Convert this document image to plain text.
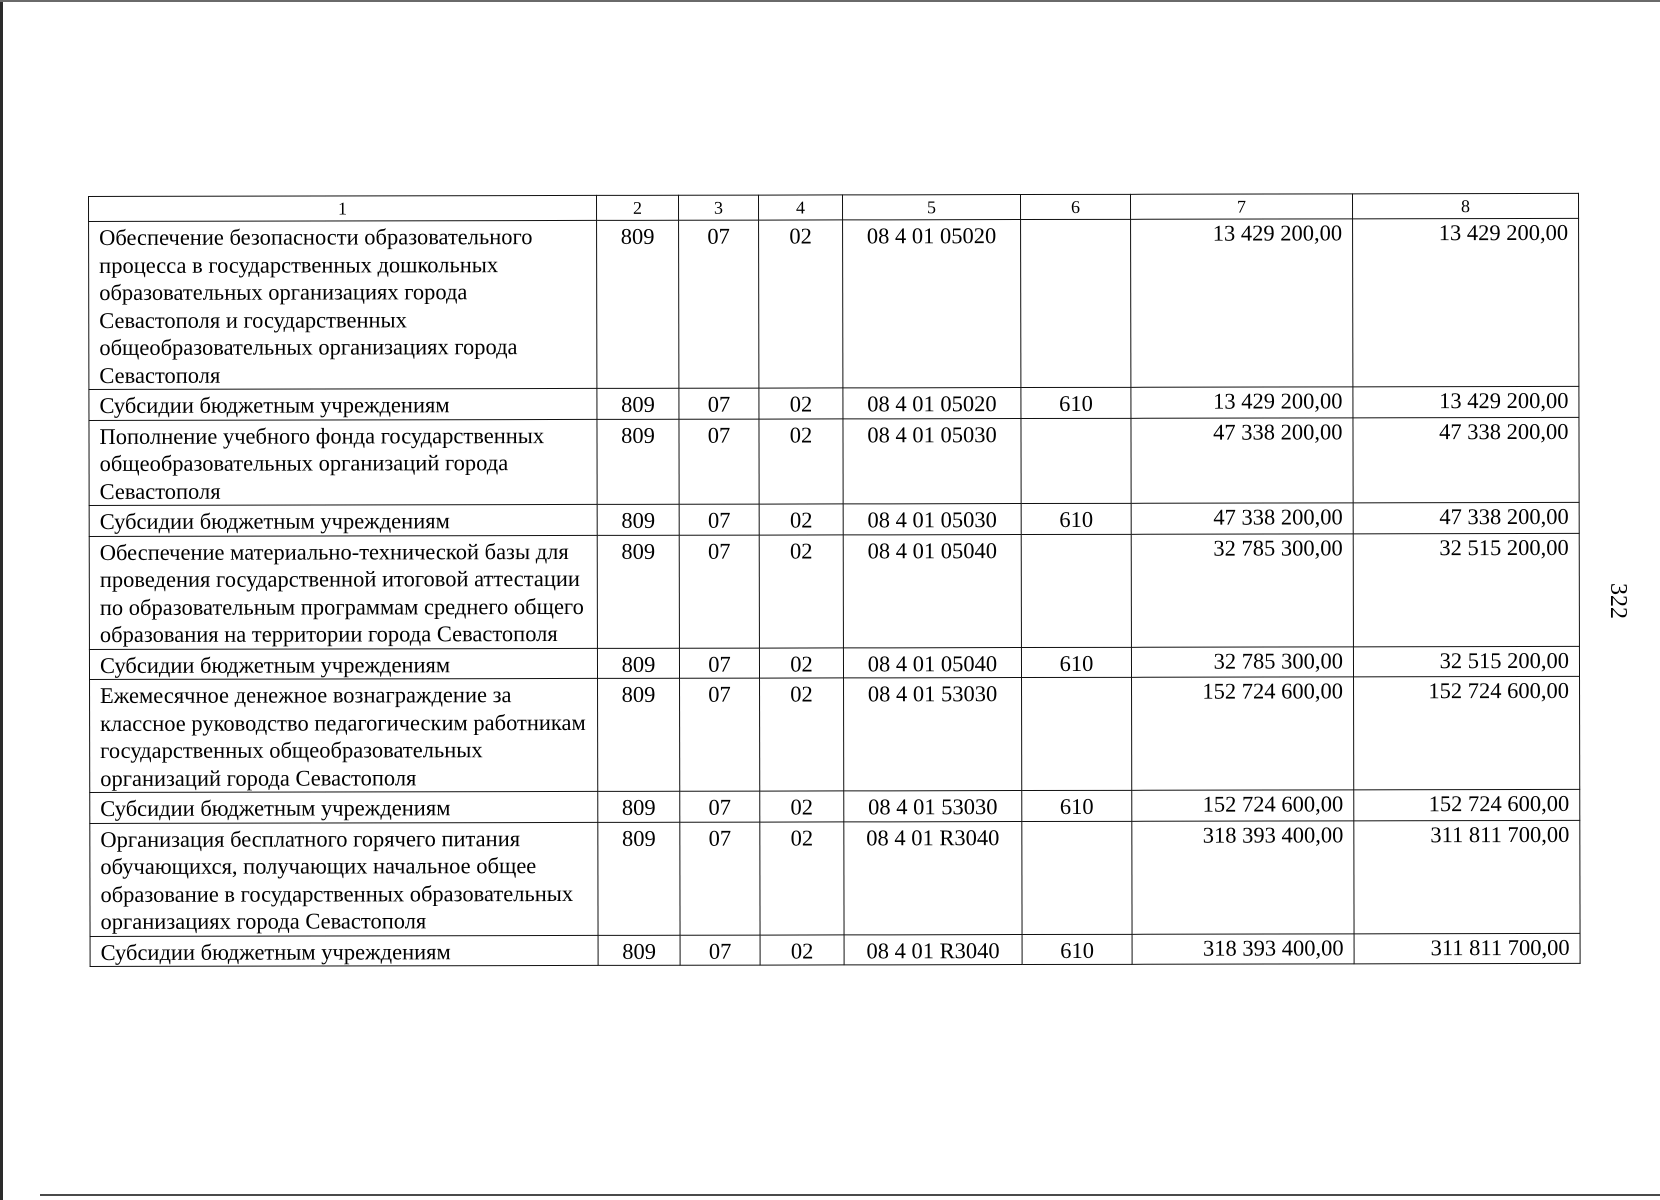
322
1	2	3	4	5	6	7	8
Обеспечение безопасности образовательного процесса в государственных дошкольных образовательных организациях города Севастополя и государственных общеобразовательных организациях города Севастополя	809	07	02	08 4 01 05020		13 429 200,00	13 429 200,00
Субсидии бюджетным учреждениям	809	07	02	08 4 01 05020	610	13 429 200,00	13 429 200,00
Пополнение учебного фонда государственных общеобразовательных организаций города Севастополя	809	07	02	08 4 01 05030		47 338 200,00	47 338 200,00
Субсидии бюджетным учреждениям	809	07	02	08 4 01 05030	610	47 338 200,00	47 338 200,00
Обеспечение материально-технической базы для проведения государственной итоговой аттестации по образовательным программам среднего общего образования на территории города Севастополя	809	07	02	08 4 01 05040		32 785 300,00	32 515 200,00
Субсидии бюджетным учреждениям	809	07	02	08 4 01 05040	610	32 785 300,00	32 515 200,00
Ежемесячное денежное вознаграждение за классное руководство педагогическим работникам государственных общеобразовательных организаций города Севастополя	809	07	02	08 4 01 53030		152 724 600,00	152 724 600,00
Субсидии бюджетным учреждениям	809	07	02	08 4 01 53030	610	152 724 600,00	152 724 600,00
Организация бесплатного горячего питания обучающихся, получающих начальное общее образование в государственных образовательных организациях города Севастополя	809	07	02	08 4 01 R3040		318 393 400,00	311 811 700,00
Субсидии бюджетным учреждениям	809	07	02	08 4 01 R3040	610	318 393 400,00	311 811 700,00
